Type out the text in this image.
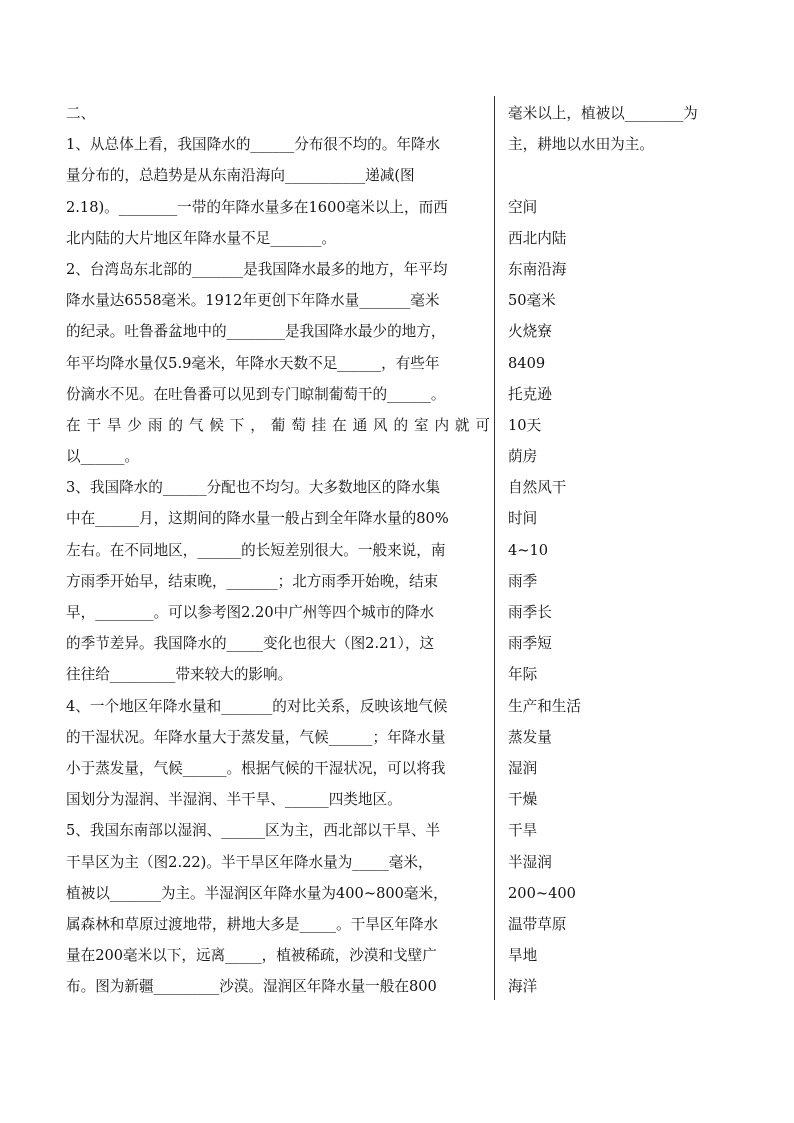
二、
1、从总体上看，我国降水的______分布很不均的。年降水
量分布的，总趋势是从东南沿海向___________递减(图
2.18)。________一带的年降水量多在1600毫米以上，而西
北内陆的大片地区年降水量不足_______。
2、台湾岛东北部的_______是我国降水最多的地方，年平均
降水量达6558毫米。1912年更创下年降水量_______毫米
的纪录。吐鲁番盆地中的________是我国降水最少的地方，
年平均降水量仅5.9毫米，年降水天数不足______，有些年
份滴水不见。在吐鲁番可以见到专门晾制葡萄干的______。
在干旱少雨的气候下，葡萄挂在通风的室内就可
以______。
3、我国降水的______分配也不均匀。大多数地区的降水集
中在______月，这期间的降水量一般占到全年降水量的80%
左右。在不同地区，______的长短差别很大。一般来说，南
方雨季开始早，结束晚，_______；北方雨季开始晚，结束
早，________。可以参考图2.20中广州等四个城市的降水
的季节差异。我国降水的_____变化也很大（图2.21），这
往往给_________带来较大的影响。
4、一个地区年降水量和_______的对比关系，反映该地气候
的干湿状况。年降水量大于蒸发量，气候______；年降水量
小于蒸发量，气候______。根据气候的干湿状况，可以将我
国划分为湿润、半湿润、半干旱、______四类地区。
5、我国东南部以湿润、______区为主，西北部以干旱、半
干旱区为主（图2.22)。半干旱区年降水量为_____毫米，
植被以_______为主。半湿润区年降水量为400~800毫米，
属森林和草原过渡地带，耕地大多是_____。干旱区年降水
量在200毫米以下，远离_____，植被稀疏，沙漠和戈壁广
布。图为新疆_________沙漠。湿润区年降水量一般在800
毫米以上，植被以________为
主，耕地以水田为主。
空间
西北内陆
东南沿海
50毫米
火烧寮
8409
托克逊
10天
荫房
自然风干
时间
4~10
雨季
雨季长
雨季短
年际
生产和生活
蒸发量
湿润
干燥
干旱
半湿润
200~400
温带草原
旱地
海洋
